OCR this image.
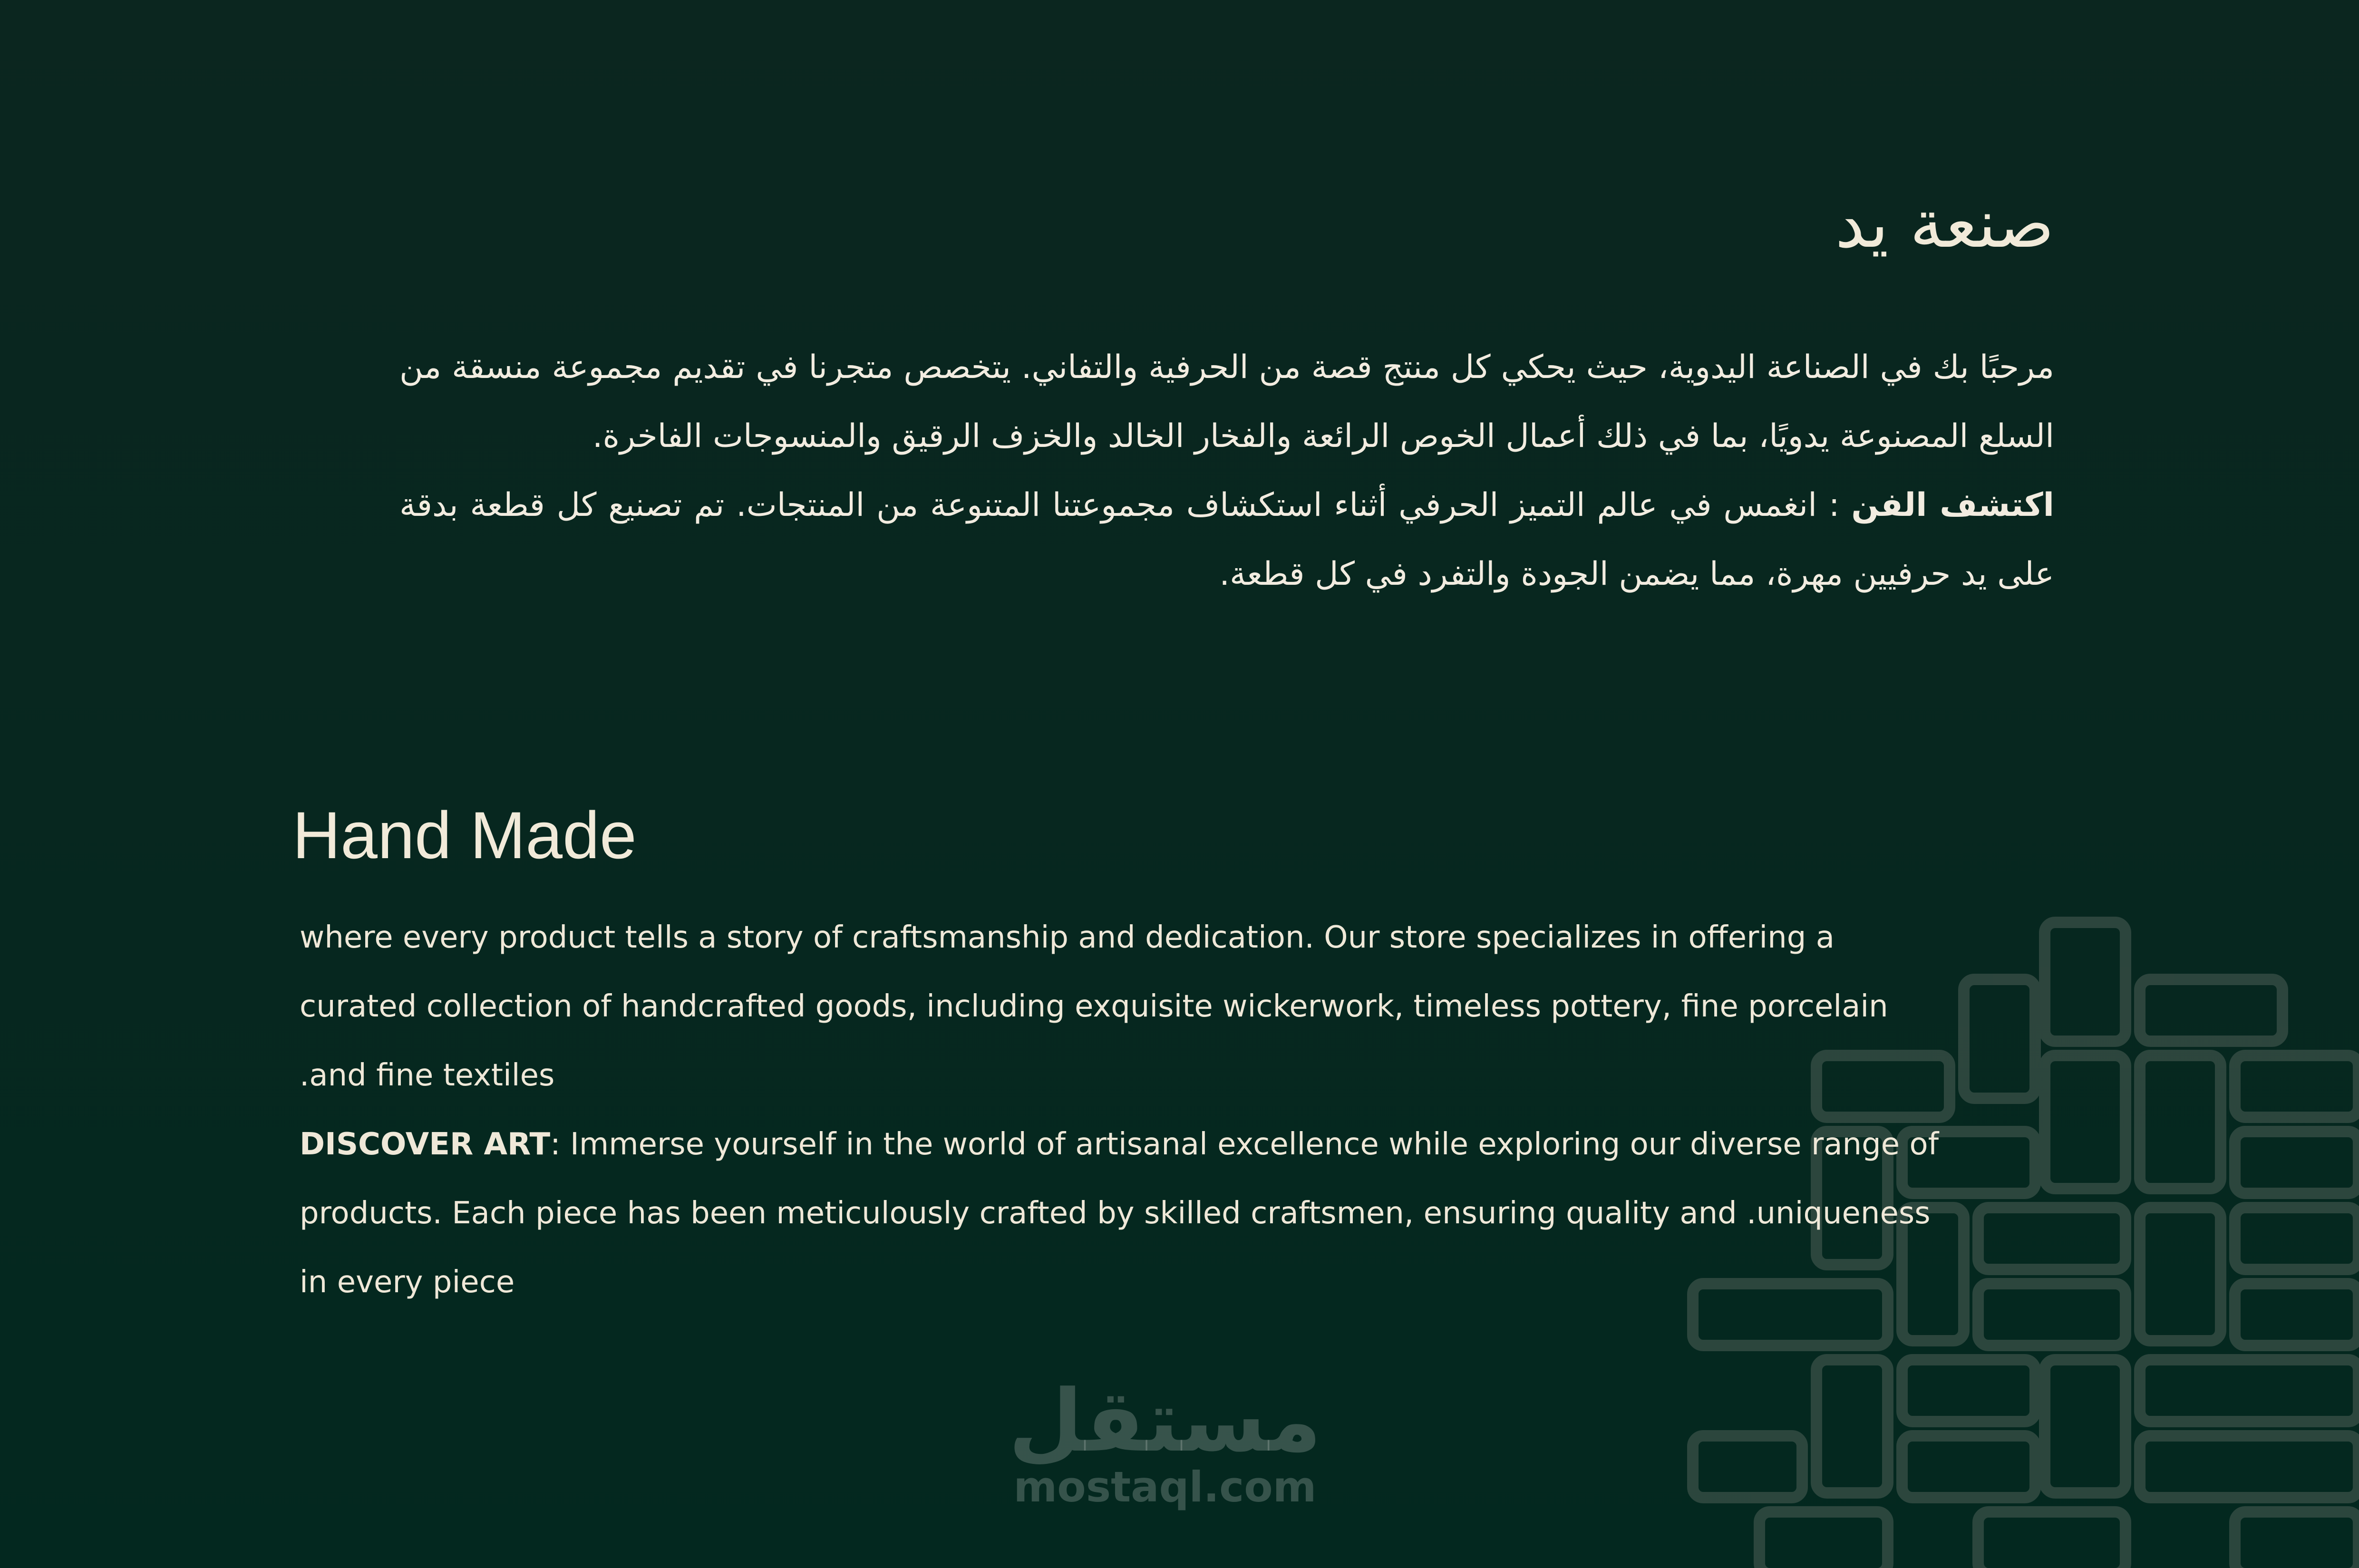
صنعة يد

مرحبًا بك في الصناعة اليدوية، حيث يحكي كل منتج قصة من الحرفية والتفاني. يتخصص متجرنا في تقديم مجموعة منسقة من السلع المصنوعة يدويًا، بما في ذلك أعمال الخوص الرائعة والفخار الخالد والخزف الرقيق والمنسوجات الفاخرة.

اكتشف الفن : انغمس في عالم التميز الحرفي أثناء استكشاف مجموعتنا المتنوعة من المنتجات. تم تصنيع كل قطعة بدقة على يد حرفيين مهرة، مما يضمن الجودة والتفرد في كل قطعة.

Hand Made

where every product tells a story of craftsmanship and dedication. Our store specializes in offering a curated collection of handcrafted goods, including exquisite wickerwork, timeless pottery, fine porcelain .and fine textiles

DISCOVER ART: Immerse yourself in the world of artisanal excellence while exploring our diverse range of products. Each piece has been meticulously crafted by skilled craftsmen, ensuring quality and .uniqueness in every piece

مستقل
mostaql.com
